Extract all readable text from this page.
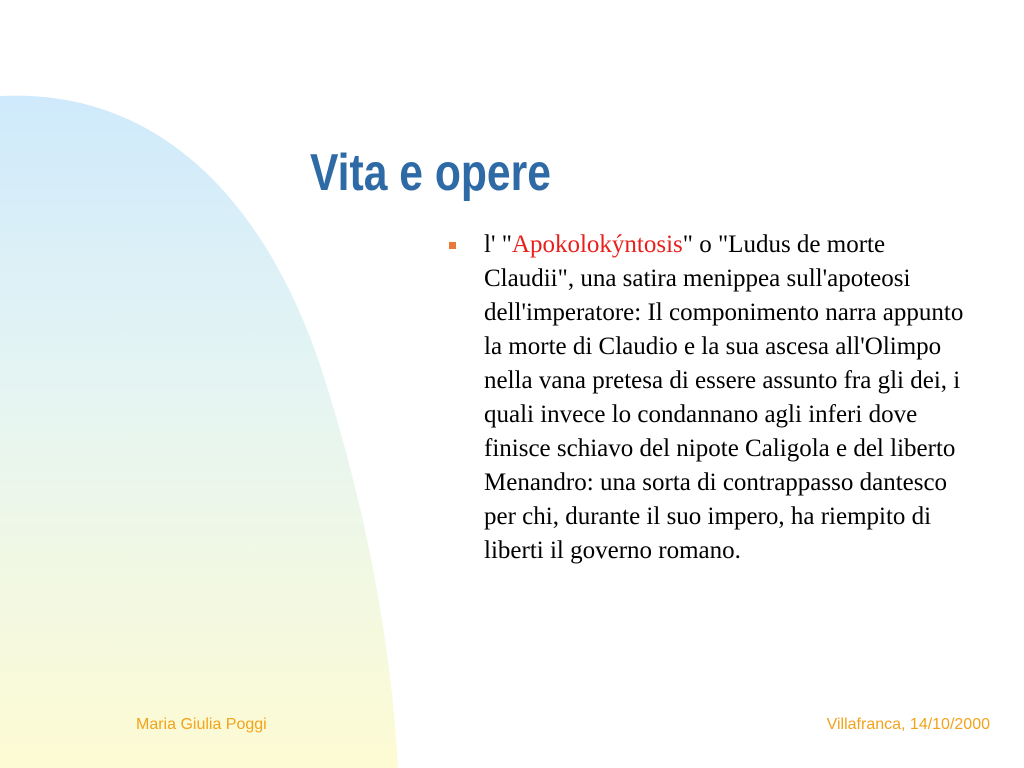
Vita e opere
l' "Apokolokýntosis" o "Ludus de morte Claudii", una satira menippea sull'apoteosi dell'imperatore: Il componimento narra appunto la morte di Claudio e la sua ascesa all'Olimpo nella vana pretesa di essere assunto fra gli dei, i quali invece lo condannano agli inferi dove finisce schiavo del nipote Caligola e del liberto Menandro: una sorta di contrappasso dantesco per chi, durante il suo impero, ha riempito di liberti il governo romano.
Maria Giulia Poggi	Villafranca, 14/10/2000
